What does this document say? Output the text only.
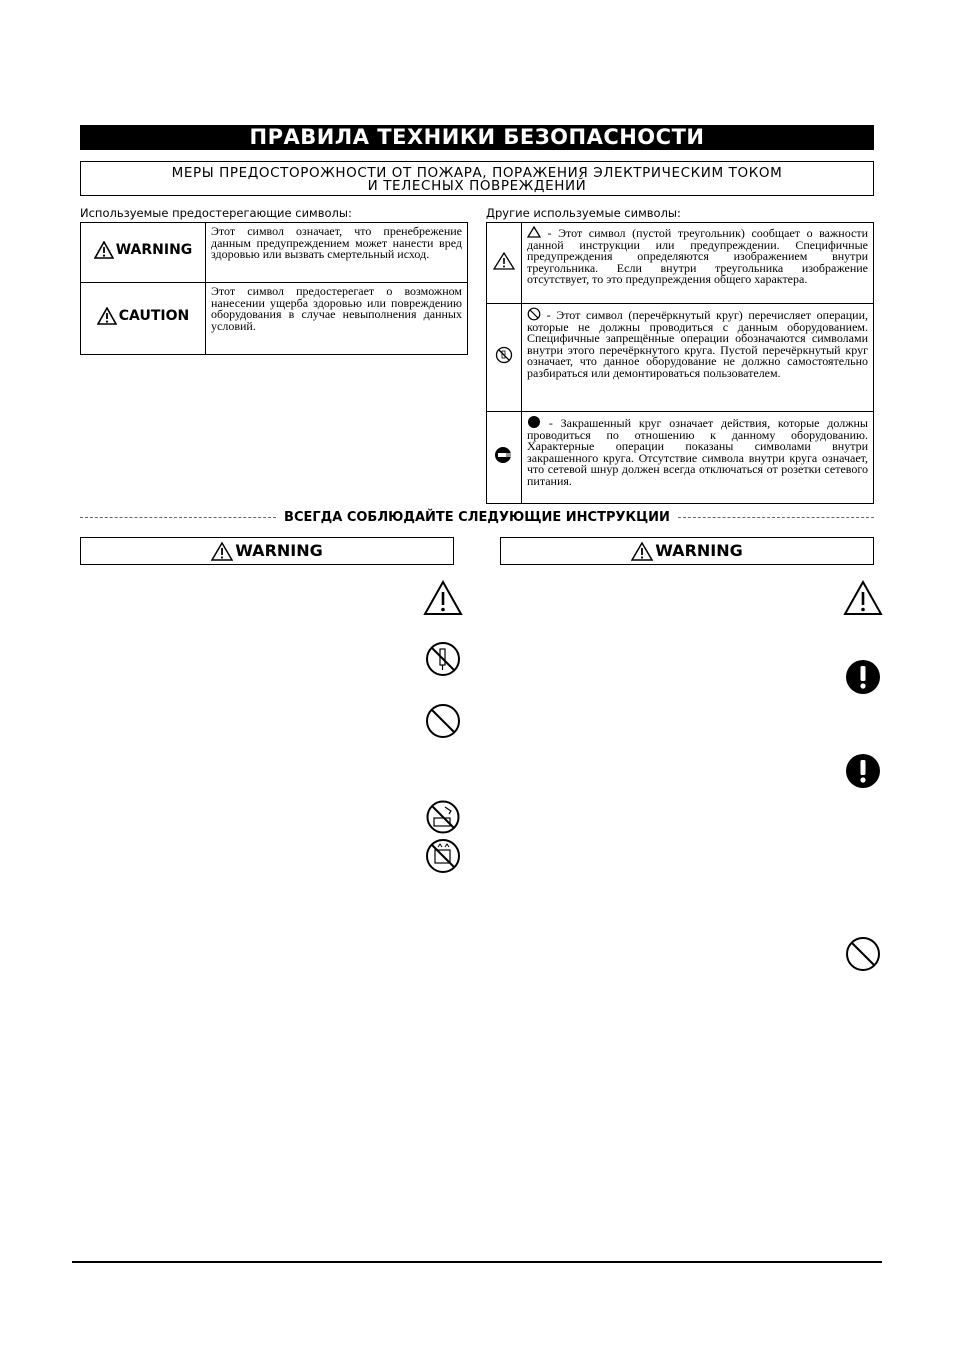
ПРАВИЛА ТЕХНИКИ БЕЗОПАСНОСТИ
МЕРЫ ПРЕДОСТОРОЖНОСТИ ОТ ПОЖАРА, ПОРАЖЕНИЯ ЭЛЕКТРИЧЕСКИМ ТОКОМ
И ТЕЛЕСНЫХ ПОВРЕЖДЕНИЙ
Используемые предостерегающие символы:	Другие используемые символы:
WARNING	Этот символ означает, что пренебрежение данным предупреждением может нанести вред здоровью или вызвать смертельный исход.

CAUTION	Этот символ предостерегает о возможном нанесении ущерба здоровью или повреждению оборудования в случае невыполнения данных условий.

- Этот символ (пустой треугольник) сообщает о важности данной инструкции или предупреждении. Специфичные предупреждения определяются изображением внутри треугольника. Если внутри треугольника изображение отсутствует, то это предупреждения общего характера.

- Этот символ (перечёркнутый круг) перечисляет операции, которые не должны проводиться с данным оборудованием. Специфичные запрещённые операции обозначаются символами внутри этого перечёркнутого круга. Пустой перечёркнутый круг означает, что данное оборудование не должно самостоятельно разбираться или демонтироваться пользователем.

- Закрашенный круг означает действия, которые должны проводиться по отношению к данному оборудованию. Характерные операции показаны символами внутри закрашенного круга. Отсутствие символа внутри круга означает, что сетевой шнур должен всегда отключаться от розетки сетевого питания.
ВСЕГДА СОБЛЮДАЙТЕ СЛЕДУЮЩИЕ ИНСТРУКЦИИ
WARNING	WARNING
